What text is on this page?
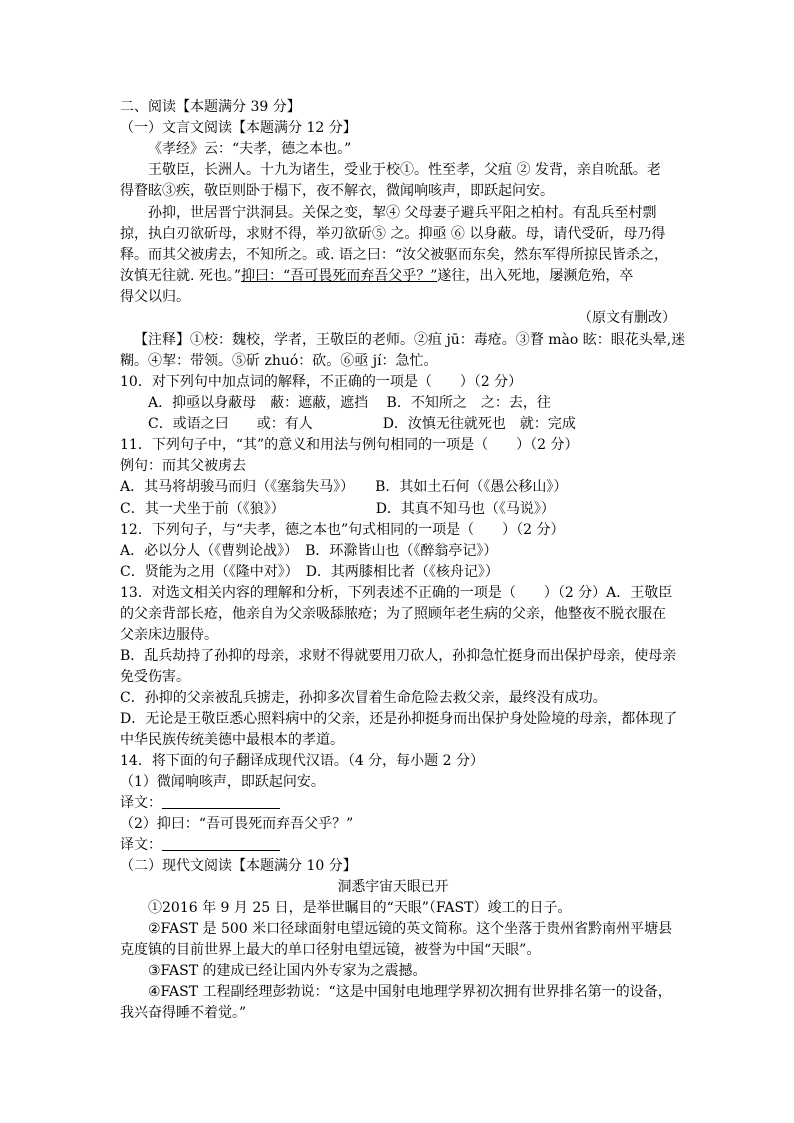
二、阅读【本题满分 39 分】
（一）文言文阅读【本题满分 12 分】
《孝经》云：“夫孝，德之本也。”
王敬臣，长洲人。十九为诸生，受业于校①。性至孝，父疽 ② 发背，亲自吮舐。老
得瞀眩③疾，敬臣则卧于榻下，夜不解衣，微闻响咳声，即跃起问安。
孙抑，世居晋宁洪洞县。关保之变，挈④ 父母妻子避兵平阳之柏村。有乱兵至村剽
掠，执白刃欲斫母，求财不得，举刃欲斫⑤ 之。抑亟 ⑥ 以身蔽。母，请代受斫，母乃得
释。而其父被虏去，不知所之。或. 语之曰：“汝父被驱而东矣，然东军得所掠民皆杀之，
汝慎无往就. 死也。”抑曰：“吾可畏死而弃吾父乎？”遂往，出入死地，屡濒危殆，卒
得父以归。
（原文有删改）
【注释】①校：魏校，学者，王敬臣的老师。②疽 jū：毒疮。③瞀 mào 眩：眼花头晕,迷
糊。④挈：带领。⑤斫 zhuó：砍。⑥亟 jí：急忙。
10．对下列句中加点词的解释，不正确的一项是（　　）（2 分）
A．抑亟以身蔽母　蔽：遮蔽，遮挡　 B．不知所之　之：去，往
C．或语之曰　　或：有人　　　　　D．汝慎无往就死也　就：完成
11．下列句子中，“其”的意义和用法与例句相同的一项是（　　）（2 分）
例句：而其父被虏去
A．其马将胡骏马而归（《塞翁失马》）　　B．其如土石何（《愚公移山》）
C．其一犬坐于前（《狼》）　　　　　　　D．其真不知马也（《马说》）
12．下列句子，与“夫孝，德之本也”句式相同的一项是（　　）（2 分）
A．必以分人（《曹刿论战》）　B．环滁皆山也（《醉翁亭记》）
C．贤能为之用（《隆中对》）　D．其两膝相比者（《核舟记》）
13．对选文相关内容的理解和分析，下列表述不正确的一项是（　　）（2 分）A．王敬臣
的父亲背部长疮，他亲自为父亲吸舔脓疮；为了照顾年老生病的父亲，他整夜不脱衣服在
父亲床边服侍。
B．乱兵劫持了孙抑的母亲，求财不得就要用刀砍人，孙抑急忙挺身而出保护母亲，使母亲
免受伤害。
C．孙抑的父亲被乱兵掳走，孙抑多次冒着生命危险去救父亲，最终没有成功。
D．无论是王敬臣悉心照料病中的父亲，还是孙抑挺身而出保护身处险境的母亲，都体现了
中华民族传统美德中最根本的孝道。
14．将下面的句子翻译成现代汉语。（4 分，每小题 2 分）
（1）微闻响咳声，即跃起问安。
译文：
（2）抑曰：“吾可畏死而弃吾父乎？”
译文：
（二）现代文阅读【本题满分 10 分】
洞悉宇宙天眼已开
①2016 年 9 月 25 日，是举世瞩目的“天眼”（FAST）竣工的日子。
②FAST 是 500 米口径球面射电望远镜的英文简称。这个坐落于贵州省黔南州平塘县
克度镇的目前世界上最大的单口径射电望远镜，被誉为中国“天眼”。
③FAST 的建成已经让国内外专家为之震撼。
④FAST 工程副经理彭勃说：“这是中国射电地理学界初次拥有世界排名第一的设备，
我兴奋得睡不着觉。”
